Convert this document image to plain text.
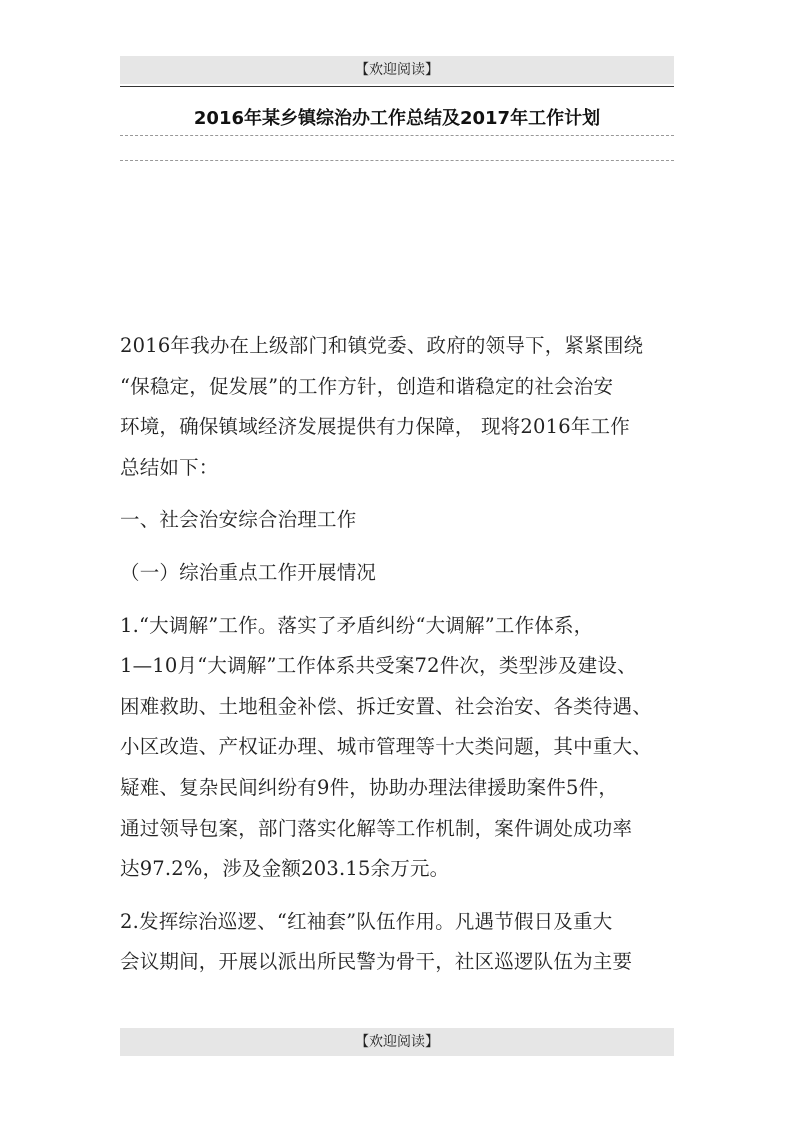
【欢迎阅读】
2016年某乡镇综治办工作总结及2017年工作计划

2016年我办在上级部门和镇党委、政府的领导下，紧紧围绕
“保稳定，促发展”的工作方针，创造和谐稳定的社会治安
环境，确保镇域经济发展提供有力保障， 现将2016年工作
总结如下：

一、社会治安综合治理工作

（一）综治重点工作开展情况

1.“大调解”工作。落实了矛盾纠纷“大调解”工作体系，
1—10月“大调解”工作体系共受案72件次，类型涉及建设、
困难救助、土地租金补偿、拆迁安置、社会治安、各类待遇、
小区改造、产权证办理、城市管理等十大类问题，其中重大、
疑难、复杂民间纠纷有9件，协助办理法律援助案件5件，
通过领导包案，部门落实化解等工作机制，案件调处成功率
达97.2%，涉及金额203.15余万元。

2.发挥综治巡逻、“红袖套”队伍作用。凡遇节假日及重大
会议期间，开展以派出所民警为骨干，社区巡逻队伍为主要

【欢迎阅读】
